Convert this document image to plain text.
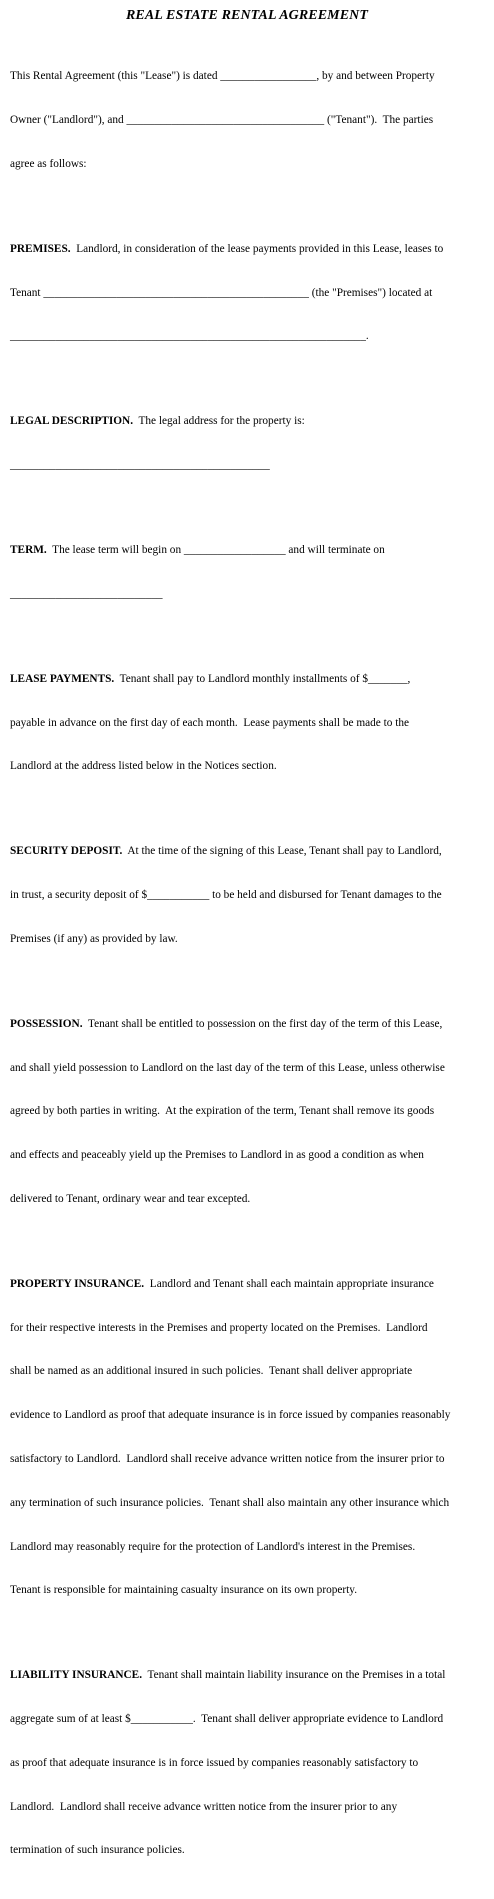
REAL ESTATE RENTAL AGREEMENT

This Rental Agreement (this "Lease") is dated _________________, by and between Property

Owner ("Landlord"), and ___________________________________ ("Tenant").  The parties

agree as follows:

PREMISES.  Landlord, in consideration of the lease payments provided in this Lease, leases to

Tenant _______________________________________________ (the "Premises") located at

_______________________________________________________________.

LEGAL DESCRIPTION.  The legal address for the property is:

______________________________________________

TERM.  The lease term will begin on __________________ and will terminate on

___________________________

LEASE PAYMENTS.  Tenant shall pay to Landlord monthly installments of $_______,

payable in advance on the first day of each month.  Lease payments shall be made to the

Landlord at the address listed below in the Notices section.

SECURITY DEPOSIT.  At the time of the signing of this Lease, Tenant shall pay to Landlord,

in trust, a security deposit of $___________ to be held and disbursed for Tenant damages to the

Premises (if any) as provided by law.

POSSESSION.  Tenant shall be entitled to possession on the first day of the term of this Lease,

and shall yield possession to Landlord on the last day of the term of this Lease, unless otherwise

agreed by both parties in writing.  At the expiration of the term, Tenant shall remove its goods

and effects and peaceably yield up the Premises to Landlord in as good a condition as when

delivered to Tenant, ordinary wear and tear excepted.

PROPERTY INSURANCE.  Landlord and Tenant shall each maintain appropriate insurance

for their respective interests in the Premises and property located on the Premises.  Landlord

shall be named as an additional insured in such policies.  Tenant shall deliver appropriate

evidence to Landlord as proof that adequate insurance is in force issued by companies reasonably

satisfactory to Landlord.  Landlord shall receive advance written notice from the insurer prior to

any termination of such insurance policies.  Tenant shall also maintain any other insurance which

Landlord may reasonably require for the protection of Landlord's interest in the Premises.

Tenant is responsible for maintaining casualty insurance on its own property.

LIABILITY INSURANCE.  Tenant shall maintain liability insurance on the Premises in a total

aggregate sum of at least $___________.  Tenant shall deliver appropriate evidence to Landlord

as proof that adequate insurance is in force issued by companies reasonably satisfactory to

Landlord.  Landlord shall receive advance written notice from the insurer prior to any

termination of such insurance policies.
